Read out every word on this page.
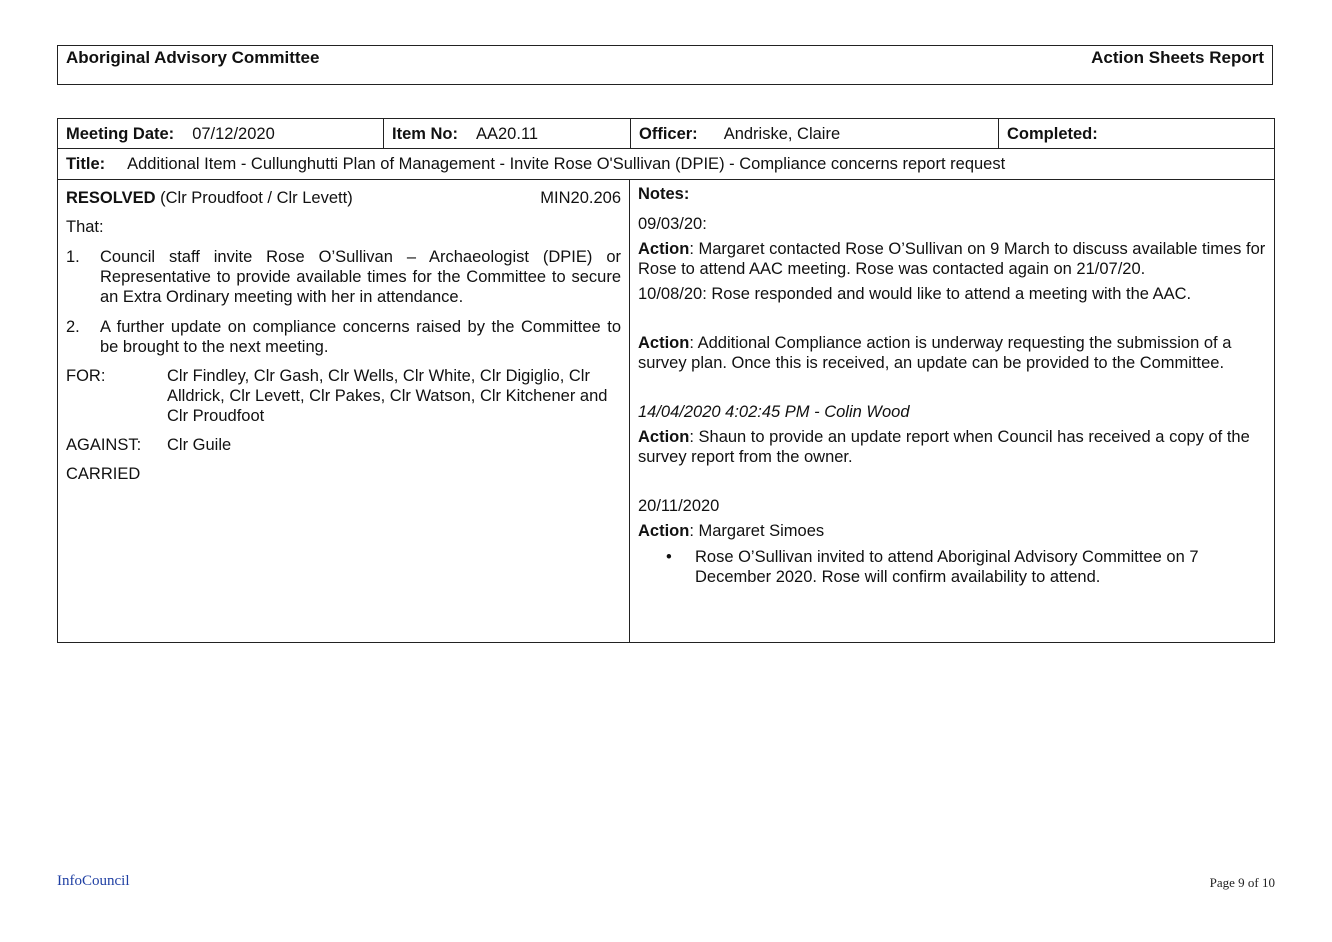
Aboriginal Advisory Committee	Action Sheets Report
Meeting Date: 07/12/2020	Item No: AA20.11	Officer: Andriske, Claire	Completed:
Title: Additional Item - Cullunghutti Plan of Management - Invite Rose O'Sullivan (DPIE) - Compliance concerns report request

RESOLVED (Clr Proudfoot / Clr Levett)	MIN20.206

That:

1. Council staff invite Rose O’Sullivan – Archaeologist (DPIE) or Representative to provide available times for the Committee to secure an Extra Ordinary meeting with her in attendance.

2. A further update on compliance concerns raised by the Committee to be brought to the next meeting.

FOR:	Clr Findley, Clr Gash, Clr Wells, Clr White, Clr Digiglio, Clr Alldrick, Clr Levett, Clr Pakes, Clr Watson, Clr Kitchener and Clr Proudfoot

AGAINST: Clr Guile

CARRIED

Notes:

09/03/20:

Action: Margaret contacted Rose O’Sullivan on 9 March to discuss available times for Rose to attend AAC meeting. Rose was contacted again on 21/07/20.

10/08/20: Rose responded and would like to attend a meeting with the AAC.

Action: Additional Compliance action is underway requesting the submission of a survey plan. Once this is received, an update can be provided to the Committee.

14/04/2020 4:02:45 PM - Colin Wood

Action: Shaun to provide an update report when Council has received a copy of the survey report from the owner.

20/11/2020

Action: Margaret Simoes

• Rose O’Sullivan invited to attend Aboriginal Advisory Committee on 7 December 2020. Rose will confirm availability to attend.

InfoCouncil	Page 9 of 10
